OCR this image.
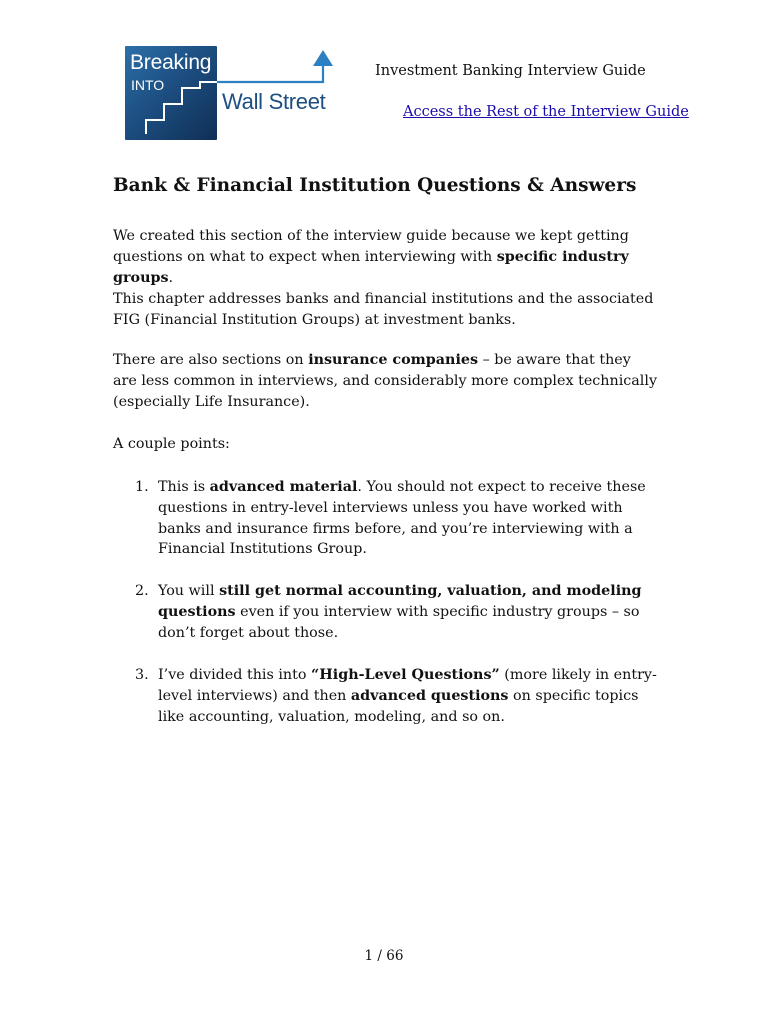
Breaking
INTO
Wall Street
Investment Banking Interview Guide
Access the Rest of the Interview Guide
Bank & Financial Institution Questions & Answers

We created this section of the interview guide because we kept getting questions on what to expect when interviewing with specific industry groups.

This chapter addresses banks and financial institutions and the associated FIG (Financial Institution Groups) at investment banks.

There are also sections on insurance companies – be aware that they are less common in interviews, and considerably more complex technically (especially Life Insurance).

A couple points:

1. This is advanced material. You should not expect to receive these questions in entry-level interviews unless you have worked with banks and insurance firms before, and you’re interviewing with a Financial Institutions Group.
2. You will still get normal accounting, valuation, and modeling questions even if you interview with specific industry groups – so don’t forget about those.
3. I’ve divided this into “High-Level Questions” (more likely in entry-level interviews) and then advanced questions on specific topics like accounting, valuation, modeling, and so on.
1 / 66
